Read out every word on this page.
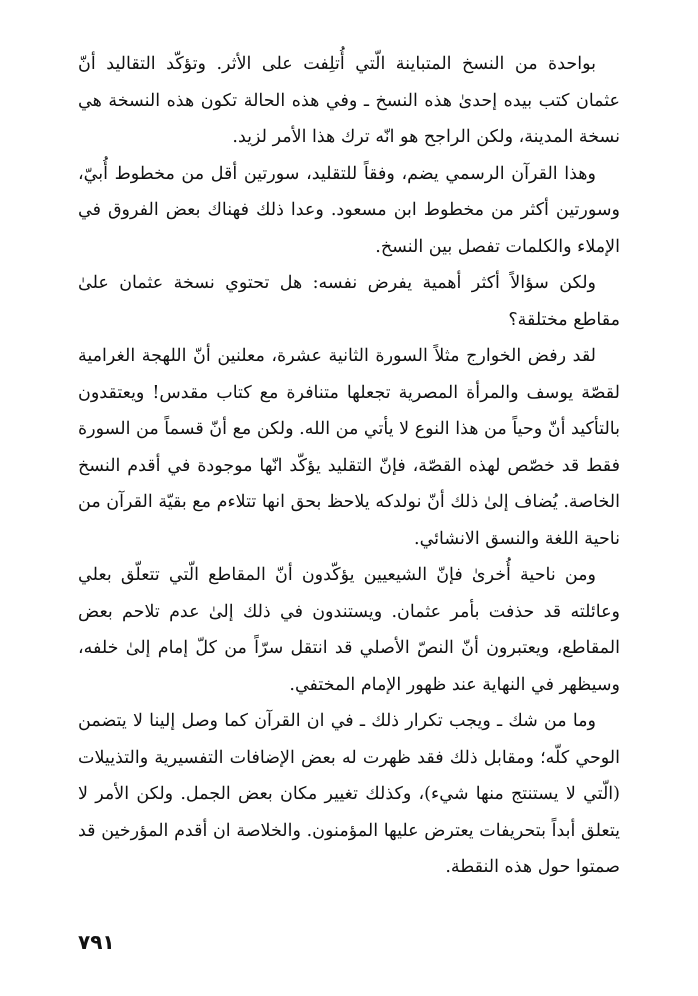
بواحدة من النسخ المتباينة الّتي أُتلِفت على الأثر. وتؤكّد التقاليد أنّ عثمان كتب بيده إحدىٰ هذه النسخ ـ وفي هذه الحالة تكون هذه النسخة هي نسخة المدينة، ولكن الراجح هو انّه ترك هذا الأمر لزيد.

وهذا القرآن الرسمي يضم، وفقاً للتقليد، سورتين أقل من مخطوط أُبيّ، وسورتين أكثر من مخطوط ابن مسعود. وعدا ذلك فهناك بعض الفروق في الإملاء والكلمات تفصل بين النسخ.

ولكن سؤالاً أكثر أهمية يفرض نفسه: هل تحتوي نسخة عثمان علىٰ مقاطع مختلقة؟

لقد رفض الخوارج مثلاً السورة الثانية عشرة، معلنين أنّ اللهجة الغرامية لقصّة يوسف والمرأة المصرية تجعلها متنافرة مع كتاب مقدس! ويعتقدون بالتأكيد أنّ وحياً من هذا النوع لا يأتي من الله. ولكن مع أنّ قسماً من السورة فقط قد خصّص لهذه القصّة، فإنّ التقليد يؤكّد انّها موجودة في أقدم النسخ الخاصة. يُضاف إلىٰ ذلك أنّ نولدكه يلاحظ بحق انها تتلاءم مع بقيّة القرآن من ناحية اللغة والنسق الانشائي.

ومن ناحية أُخرىٰ فإنّ الشيعيين يؤكّدون أنّ المقاطع الّتي تتعلّق بعلي وعائلته قد حذفت بأمر عثمان. ويستندون في ذلك إلىٰ عدم تلاحم بعض المقاطع، ويعتبرون أنّ النصّ الأصلي قد انتقل سرّاً من كلّ إمام إلىٰ خلفه، وسيظهر في النهاية عند ظهور الإمام المختفي.

وما من شك ـ ويجب تكرار ذلك ـ في ان القرآن كما وصل إلينا لا يتضمن الوحي كلّه؛ ومقابل ذلك فقد ظهرت له بعض الإضافات التفسيرية والتذييلات (الّتي لا يستنتج منها شيء)، وكذلك تغيير مكان بعض الجمل. ولكن الأمر لا يتعلق أبداً بتحريفات يعترض عليها المؤمنون. والخلاصة ان أقدم المؤرخين قد صمتوا حول هذه النقطة.

٧٩١
